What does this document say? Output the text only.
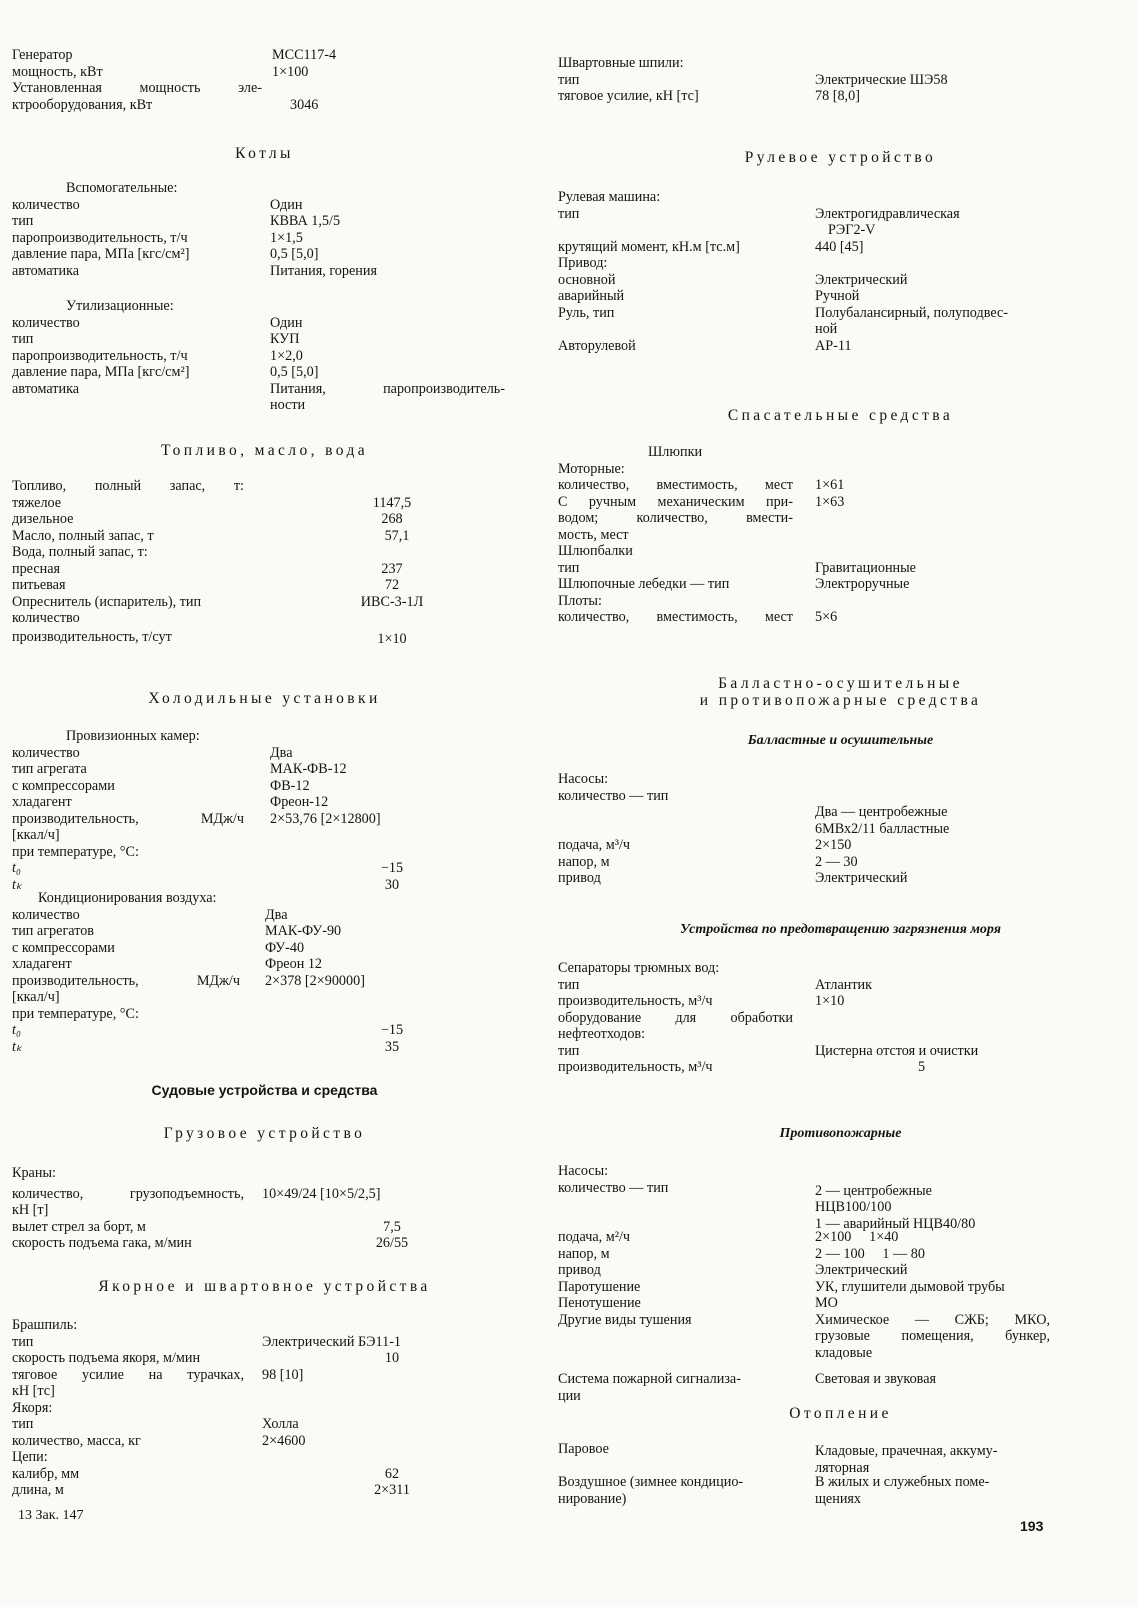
Генератор	МСС117-4
мощность, кВт	1×100
Установленная мощность эле-
ктрооборудования, кВт	3046
Котлы
Вспомогательные:
количество	Один
тип	КВВА 1,5/5
паропроизводительность, т/ч	1×1,5
давление пара, МПа [кгс/см²]	0,5 [5,0]
автоматика	Питания, горения
Утилизационные:
количество	Один
тип	КУП
паропроизводительность, т/ч	1×2,0
давление пара, МПа [кгс/см²]	0,5 [5,0]
автоматика	Питания, паропроизводитель-
ности
Топливо, масло, вода
Топливо, полный запас, т:
тяжелое	1147,5
дизельное	268
Масло, полный запас, т	57,1
Вода, полный запас, т:
пресная	237
питьевая	72
Опреснитель (испаритель), тип	ИВС-3-1Л
количество
производительность, т/сут	1×10
Холодильные установки
Провизионных камер:
количество	Два
тип агрегата	МАК-ФВ-12
с компрессорами	ФВ-12
хладагент	Фреон-12
производительность, МДж/ч 2×53,76 [2×12800]
[ккал/ч]
при температуре, °С:
t₀	−15
tₖ	30
Кондиционирования воздуха:
количество	Два
тип агрегатов	МАК-ФУ-90
с компрессорами	ФУ-40
хладагент	Фреон 12
производительность, МДж/ч 2×378 [2×90000]
[ккал/ч]
при температуре, °С:
t₀	−15
tₖ	35
Судовые устройства и средства
Грузовое устройство
Краны:
количество, грузоподъемность, 10×49/24 [10×5/2,5]
кН [т]
вылет стрел за борт, м	7,5
скорость подъема гака, м/мин	26/55
Якорное и швартовное устройства
Брашпиль:
тип	Электрический БЭ11-1
скорость подъема якоря, м/мин	10
тяговое усилие на турачках, 98 [10]
кН [тс]
Якоря:
тип	Холла
количество, масса, кг	2×4600
Цепи:
калибр, мм	62
длина, м	2×311
Швартовные шпили:
тип	Электрические ШЭ58
тяговое усилие, кН [тс]	78 [8,0]
Рулевое устройство
Рулевая машина:
тип	Электрогидравлическая
РЭГ2-V
крутящий момент, кН.м [тс.м]	440 [45]
Привод:
основной	Электрический
аварийный	Ручной
Руль, тип	Полубалансирный, полуподвес-
ной
Авторулевой	АР-11
Спасательные средства
Шлюпки
Моторные:
количество, вместимость, мест 1×61
С ручным механическим при- 1×63
водом; количество, вмести-
мость, мест
Шлюпбалки
тип	Гравитационные
Шлюпочные лебедки — тип	Электроручные
Плоты:
количество, вместимость, мест 5×6
Балластно-осушительные
и противопожарные средства
Балластные и осушительные
Насосы:
количество — тип
Два — центробежные
6МВх2/11 балластные
подача, м³/ч	2×150
напор, м	2 — 30
привод	Электрический
Устройства по предотвращению загрязнения моря
Сепараторы трюмных вод:
тип	Атлантик
производительность, м³/ч	1×10
оборудование для обработки
нефтеотходов:
тип	Цистерна отстоя и очистки
производительность, м³/ч	5
Противопожарные
Насосы:
количество — тип	2 — центробежные
НЦВ100/100
1 — аварийный НЦВ40/80
подача, м²/ч	2×100     1×40
напор, м	2 — 100     1 — 80
привод	Электрический
Паротушение	УК, глушители дымовой трубы
Пенотушение	МО
Другие виды тушения	Химическое — СЖБ; МКО,
грузовые помещения, бункер,
кладовые
Система пожарной сигнализа-	Световая и звуковая
ции
Отопление
Паровое	Кладовые, прачечная, аккуму-
ляторная
Воздушное (зимнее кондицио-	В жилых и служебных поме-
нирование)	щениях
13 Зак. 147
193
